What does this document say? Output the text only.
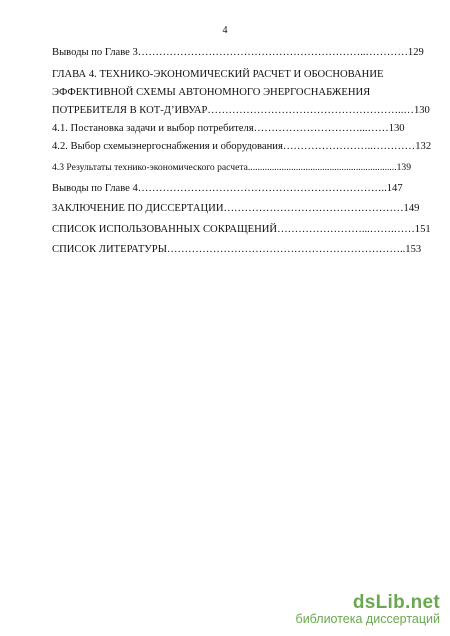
4
Выводы по Главе 3………………………………………………………..…………129
ГЛАВА 4. ТЕХНИКО-ЭКОНОМИЧЕСКИЙ РАСЧЕТ И ОБОСНОВАНИЕ
ЭФФЕКТИВНОЙ СХЕМЫ АВТОНОМНОГО ЭНЕРГОСНАБЖЕНИЯ
ПОТРЕБИТЕЛЯ В КОТ-Д’ИВУАР………………………………………………..…130
4.1. Постановка задачи и выбор потребителя…………………………...……130
4.2. Выбор схемыэнергоснабжения и оборудования……………………..…………132
4.3 Результаты технико-экономического расчета..............................................................139
Выводы по Главе 4……………………………………………………………..147
ЗАКЛЮЧЕНИЕ ПО ДИССЕРТАЦИИ……………………………………………149
СПИСОК ИСПОЛЬЗОВАННЫХ СОКРАЩЕНИЙ……………………...…….……151
СПИСОК ЛИТЕРАТУРЫ…………………………………………………………..153
dsLib.net
библиотека диссертаций
